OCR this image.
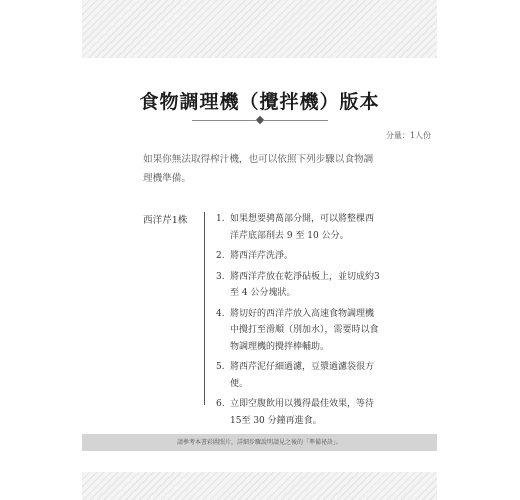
食物調理機（攪拌機）版本
分量：1人份
如果你無法取得榨汁機，也可以依照下列步驟以食物調理機準備。
西洋芹1株	1. 如果想要骋萵部分開，可以將整棵西洋芹底部削去 9 至 10 公分。
2. 將西洋芹洗淨。
3. 將西洋芹放在乾淨砧板上，並切成約3至 4 公分塊狀。
4. 將切好的西洋芹放入高速食物調理機中攪打至滑順（別加水），需要時以食物調理機的攪拌棒輔助。
5. 將西芹泥仔細過濾，豆漿過濾袋很方便。
6. 立即空腹飲用以獲得最佳效果，等待15至 30 分鐘再進食。
請參考本書彩圖照片，詳細步驟說明請見之後的「準備祕訣」。
